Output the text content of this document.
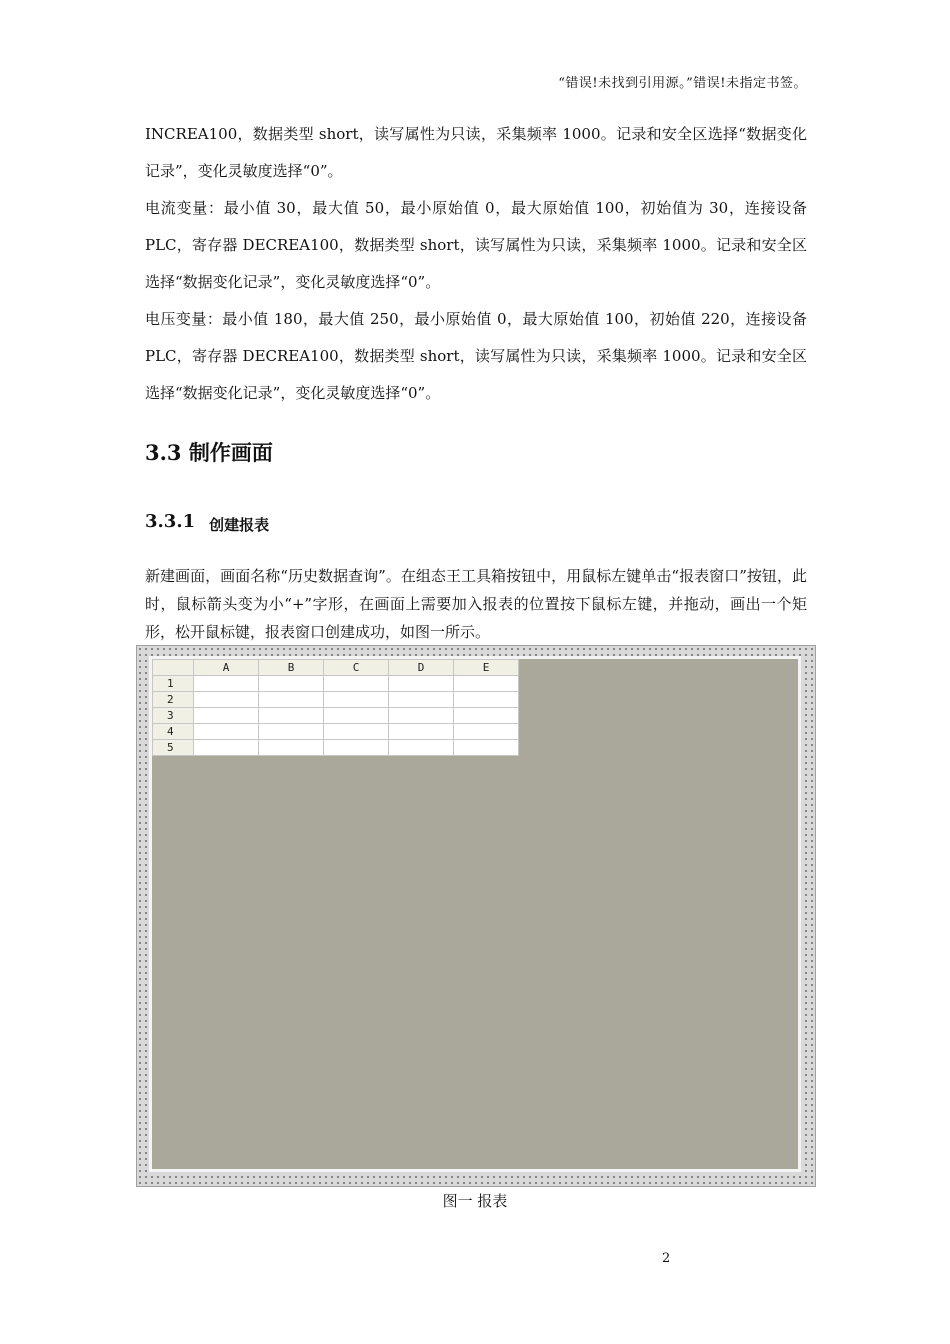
“错误!未找到引用源。”错误!未指定书签。

INCREA100，数据类型 short，读写属性为只读，采集频率 1000。记录和安全区选择“数据变化记录”，变化灵敏度选择“0”。

电流变量：最小值 30，最大值 50，最小原始值 0，最大原始值 100，初始值为 30，连接设备 PLC，寄存器 DECREA100，数据类型 short，读写属性为只读，采集频率 1000。记录和安全区选择“数据变化记录”，变化灵敏度选择“0”。

电压变量：最小值 180，最大值 250，最小原始值 0，最大原始值 100，初始值 220，连接设备 PLC，寄存器 DECREA100，数据类型 short，读写属性为只读，采集频率 1000。记录和安全区选择“数据变化记录”，变化灵敏度选择“0”。

3.3 制作画面
3.3.1 创建报表

新建画面，画面名称“历史数据查询”。在组态王工具箱按钮中，用鼠标左键单击“报表窗口”按钮，此时，鼠标箭头变为小“+”字形，在画面上需要加入报表的位置按下鼠标左键，并拖动，画出一个矩形，松开鼠标键，报表窗口创建成功，如图一所示。

	A	B	C	D	E
1					
2					
3					
4					
5					
图一 报表
2
